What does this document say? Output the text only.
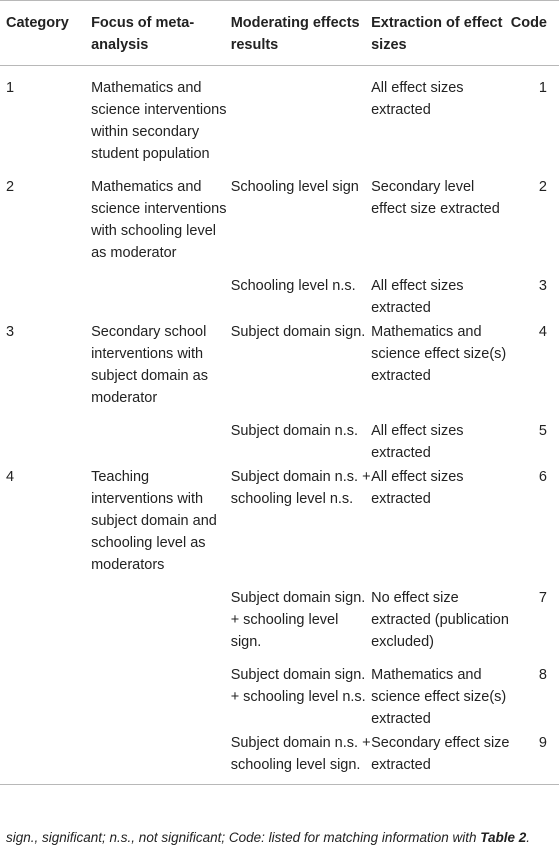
Category	Focus of meta-analysis	Moderating effects results	Extraction of effect sizes	Code
1	Mathematics and science interventions within secondary student population		All effect sizes extracted	1
2	Mathematics and science interventions with schooling level as moderator	Schooling level sign	Secondary level effect size extracted	2
		Schooling level n.s.	All effect sizes extracted	3
3	Secondary school interventions with subject domain as moderator	Subject domain sign.	Mathematics and science effect size(s) extracted	4
		Subject domain n.s.	All effect sizes extracted	5
4	Teaching interventions with subject domain and schooling level as moderators	Subject domain n.s. + schooling level n.s.	All effect sizes extracted	6
		Subject domain sign. + schooling level sign.	No effect size extracted (publication excluded)	7
		Subject domain sign. + schooling level n.s.	Mathematics and science effect size(s) extracted	8
		Subject domain n.s. + schooling level sign.	Secondary effect size extracted	9
sign., significant; n.s., not significant; Code: listed for matching information with Table 2.
